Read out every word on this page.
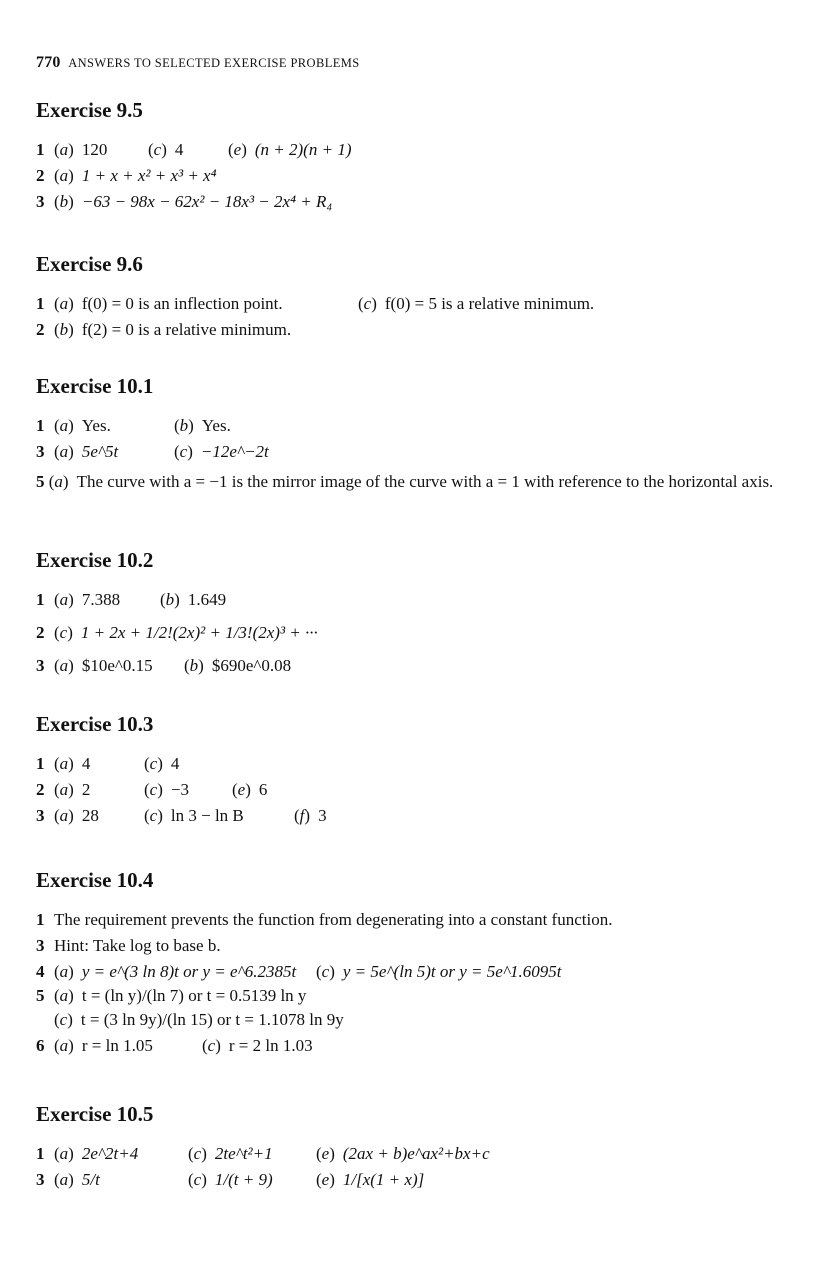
770 ANSWERS TO SELECTED EXERCISE PROBLEMS
Exercise 9.5
1 ( a ) 120	( c ) 4	( e ) (n + 2)(n + 1)
2 ( a ) 1 + x + x² + x³ + x⁴
3 ( b ) −63 − 98x − 62x² − 18x³ − 2x⁴ + R₄
Exercise 9.6
1 ( a ) f(0) = 0 is an inflection point.	( c ) f(0) = 5 is a relative minimum.
2 ( b ) f(2) = 0 is a relative minimum.
Exercise 10.1
1 ( a ) Yes.	( b ) Yes.
3 ( a ) 5e^5t	( c ) −12e^−2t
5 ( a ) The curve with a = −1 is the mirror image of the curve with a = 1 with reference to the horizontal axis.
Exercise 10.2
1 ( a ) 7.388	( b ) 1.649
2 ( c ) 1 + 2x + 1/2!(2x)² + 1/3!(2x)³ + ···
3 ( a ) $10e^0.15	( b ) $690e^0.08
Exercise 10.3
1 ( a ) 4	( c ) 4
2 ( a ) 2	( c ) −3	( e ) 6
3 ( a ) 28	( c ) ln 3 − ln B	( f ) 3
Exercise 10.4
1 The requirement prevents the function from degenerating into a constant function.
3 Hint: Take log to base b.
4 ( a ) y = e^(3 ln 8)t or y = e^6.2385t	( c ) y = 5e^(ln 5)t or y = 5e^1.6095t
5 ( a ) t = (ln y)/(ln 7) or t = 0.5139 ln y
( c ) t = (3 ln 9y)/(ln 15) or t = 1.1078 ln 9y
6 ( a ) r = ln 1.05	( c ) r = 2 ln 1.03
Exercise 10.5
1 ( a ) 2e^2t+4	( c ) 2te^t²+1	( e ) (2ax + b)e^ax²+bx+c
3 ( a ) 5/t	( c ) 1/(t + 9)	( e ) 1/[x(1 + x)]
